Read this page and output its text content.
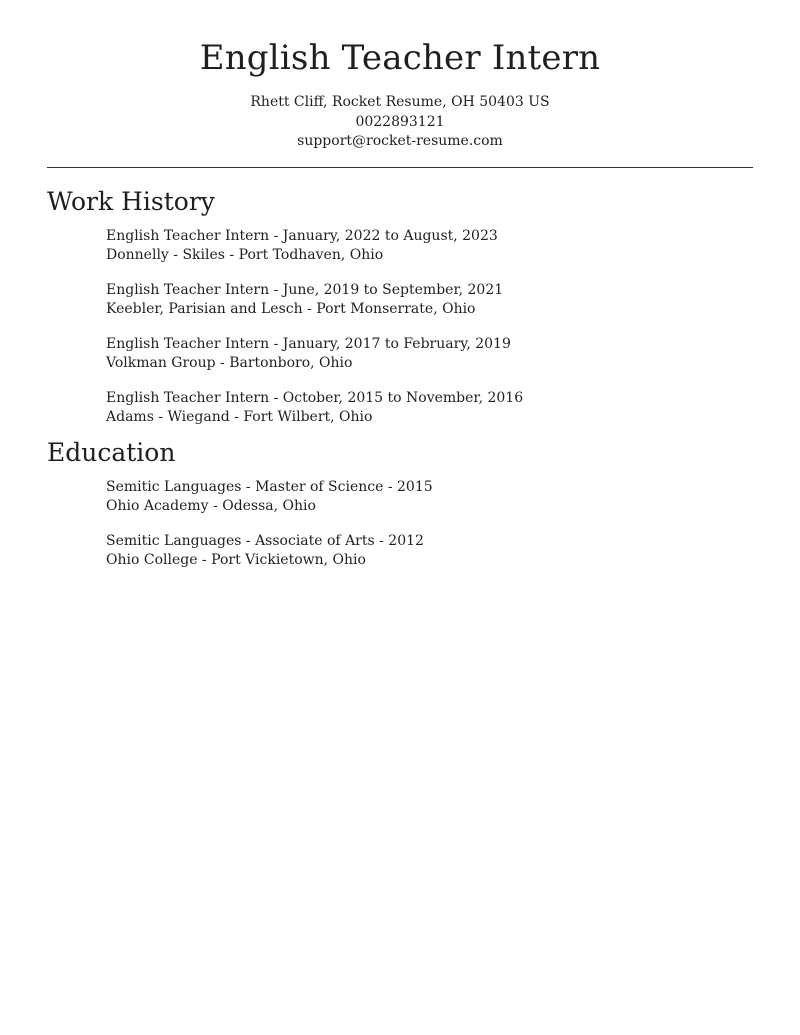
English Teacher Intern
Rhett Cliff, Rocket Resume, OH 50403 US
0022893121
support@rocket-resume.com
Work History
English Teacher Intern - January, 2022 to August, 2023
Donnelly - Skiles - Port Todhaven, Ohio
English Teacher Intern - June, 2019 to September, 2021
Keebler, Parisian and Lesch - Port Monserrate, Ohio
English Teacher Intern - January, 2017 to February, 2019
Volkman Group - Bartonboro, Ohio
English Teacher Intern - October, 2015 to November, 2016
Adams - Wiegand - Fort Wilbert, Ohio
Education
Semitic Languages - Master of Science - 2015
Ohio Academy - Odessa, Ohio
Semitic Languages - Associate of Arts - 2012
Ohio College - Port Vickietown, Ohio
